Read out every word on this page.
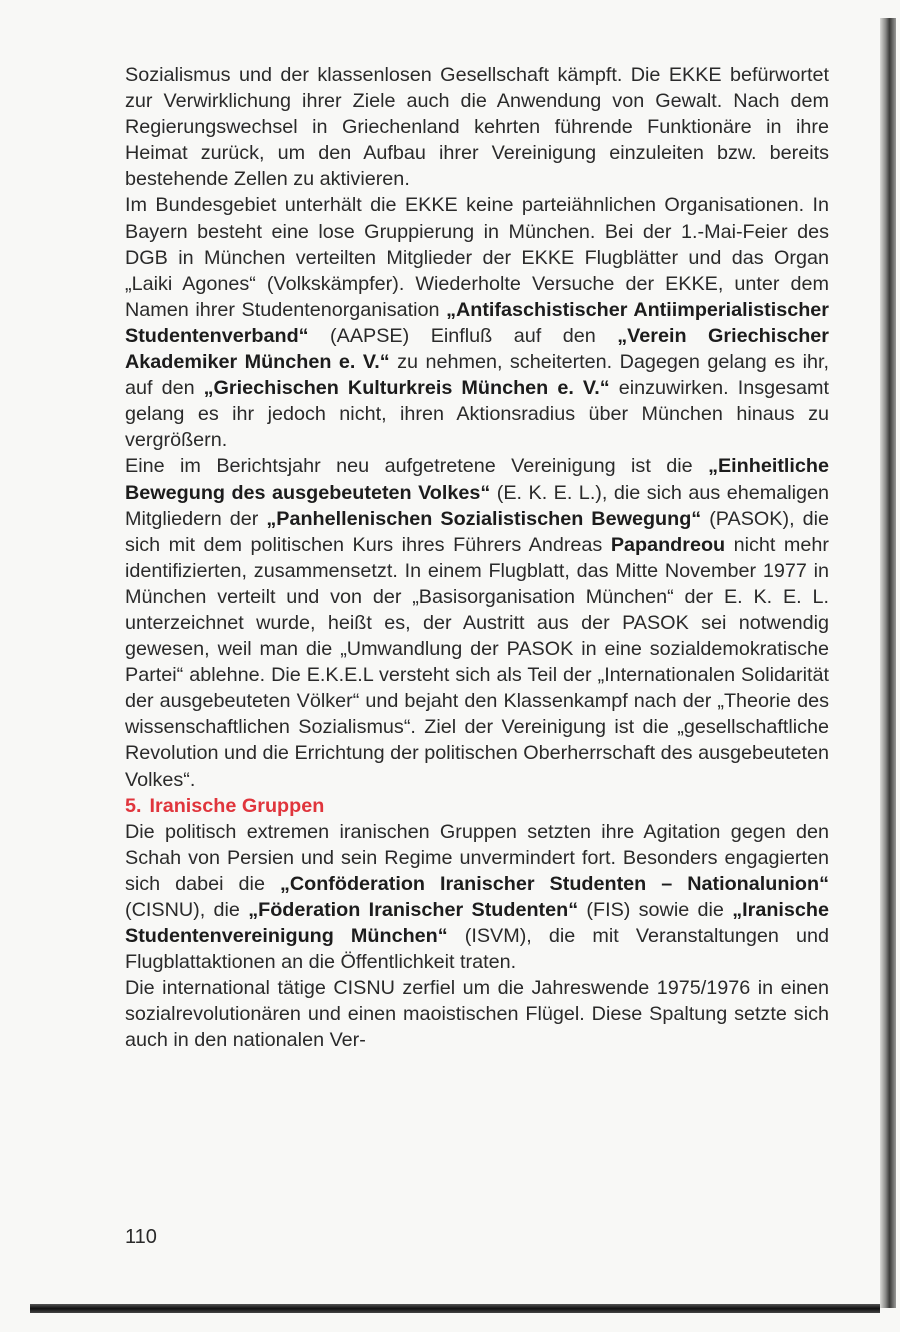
Sozialismus und der klassenlosen Gesellschaft kämpft. Die EKKE befürwortet zur Verwirklichung ihrer Ziele auch die Anwendung von Gewalt. Nach dem Regierungswechsel in Griechenland kehrten führende Funktionäre in ihre Heimat zurück, um den Aufbau ihrer Vereinigung einzuleiten bzw. bereits bestehende Zellen zu aktivieren.

Im Bundesgebiet unterhält die EKKE keine parteiähnlichen Organisationen. In Bayern besteht eine lose Gruppierung in München. Bei der 1.-Mai-Feier des DGB in München verteilten Mitglieder der EKKE Flugblätter und das Organ „Laiki Agones“ (Volkskämpfer). Wiederholte Versuche der EKKE, unter dem Namen ihrer Studentenorganisation „Antifaschistischer Antiimperialistischer Studentenverband“ (AAPSE) Einfluß auf den „Verein Griechischer Akademiker München e. V.“ zu nehmen, scheiterten. Dagegen gelang es ihr, auf den „Griechischen Kulturkreis München e. V.“ einzuwirken. Insgesamt gelang es ihr jedoch nicht, ihren Aktionsradius über München hinaus zu vergrößern.

Eine im Berichtsjahr neu aufgetretene Vereinigung ist die „Einheitliche Bewegung des ausgebeuteten Volkes“ (E. K. E. L.), die sich aus ehemaligen Mitgliedern der „Panhellenischen Sozialistischen Bewegung“ (PASOK), die sich mit dem politischen Kurs ihres Führers Andreas Papandreou nicht mehr identifizierten, zusammensetzt. In einem Flugblatt, das Mitte November 1977 in München verteilt und von der „Basisorganisation München“ der E. K. E. L. unterzeichnet wurde, heißt es, der Austritt aus der PASOK sei notwendig gewesen, weil man die „Umwandlung der PASOK in eine sozialdemokratische Partei“ ablehne. Die E.K.E.L versteht sich als Teil der „Internationalen Solidarität der ausgebeuteten Völker“ und bejaht den Klassenkampf nach der „Theorie des wissenschaftlichen Sozialismus“. Ziel der Vereinigung ist die „gesellschaftliche Revolution und die Errichtung der politischen Oberherrschaft des ausgebeuteten Volkes“.

5. Iranische Gruppen

Die politisch extremen iranischen Gruppen setzten ihre Agitation gegen den Schah von Persien und sein Regime unvermindert fort. Besonders engagierten sich dabei die „Conföderation Iranischer Studenten – Nationalunion“ (CISNU), die „Föderation Iranischer Studenten“ (FIS) sowie die „Iranische Studentenvereinigung München“ (ISVM), die mit Veranstaltungen und Flugblattaktionen an die Öffentlichkeit traten.

Die international tätige CISNU zerfiel um die Jahreswende 1975/1976 in einen sozialrevolutionären und einen maoistischen Flügel. Diese Spaltung setzte sich auch in den nationalen Ver-

110
